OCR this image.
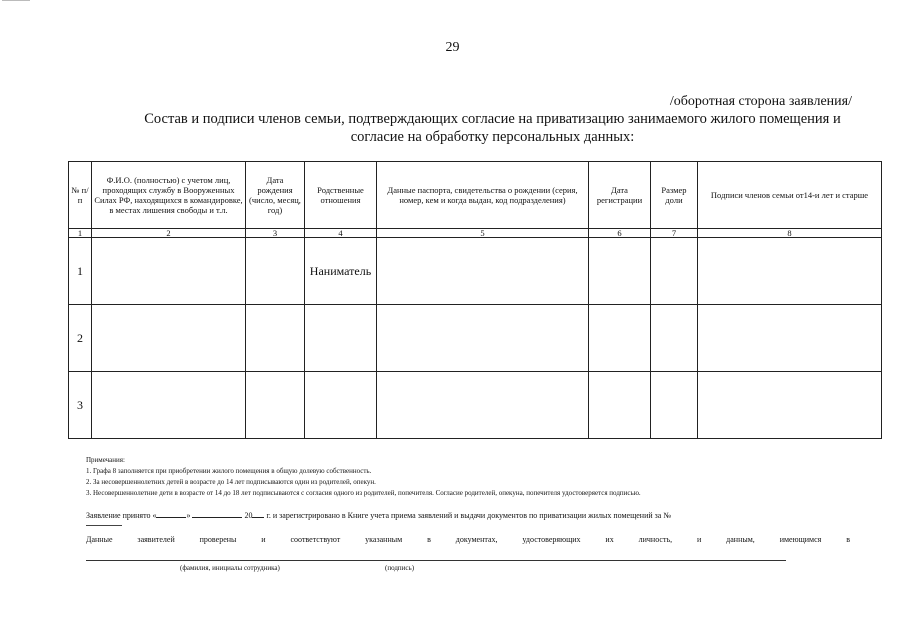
29
/оборотная сторона заявления/
Состав и подписи членов семьи, подтверждающих согласие на приватизацию занимаемого жилого помещения и
согласие на обработку персональных данных:
№ п/п	Ф.И.О. (полностью) с учетом лиц, проходящих службу в Вооруженных Силах РФ, находящихся в командировке, в местах лишения свободы и т.л.	Дата рождения (число, месяц, год)	Родственные отношения	Данные паспорта, свидетельства о рождении (серия, номер, кем и когда выдан, код подразделения)	Дата регистрации	Размер доли	Подписи членов семьи от14-и лет и старше
1	2	3	4	5	6	7	8
1			Наниматель				
2							
3							
Примечания:
1. Графа 8 заполняется при приобретении жилого помещения в общую долевую собственность.
2. За несовершеннолетних детей в возрасте до 14 лет подписываются один из родителей, опекун.
3. Несовершеннолетние дети в возрасте от 14 до 18 лет подписываются с согласия одного из родителей, попечителя. Согласие родителей, опекуна, попечителя удостоверяется подписью.
Заявление принято «	»	20 г. и зарегистрировано в Книге учета приема заявлений и выдачи документов по приватизации жилых помещений за №
Данные заявителей проверены и соответствуют указанным в документах, удостоверяющих их личность, и данным, имеющимся в
(фамилия, инициалы сотрудника)	(подпись)
